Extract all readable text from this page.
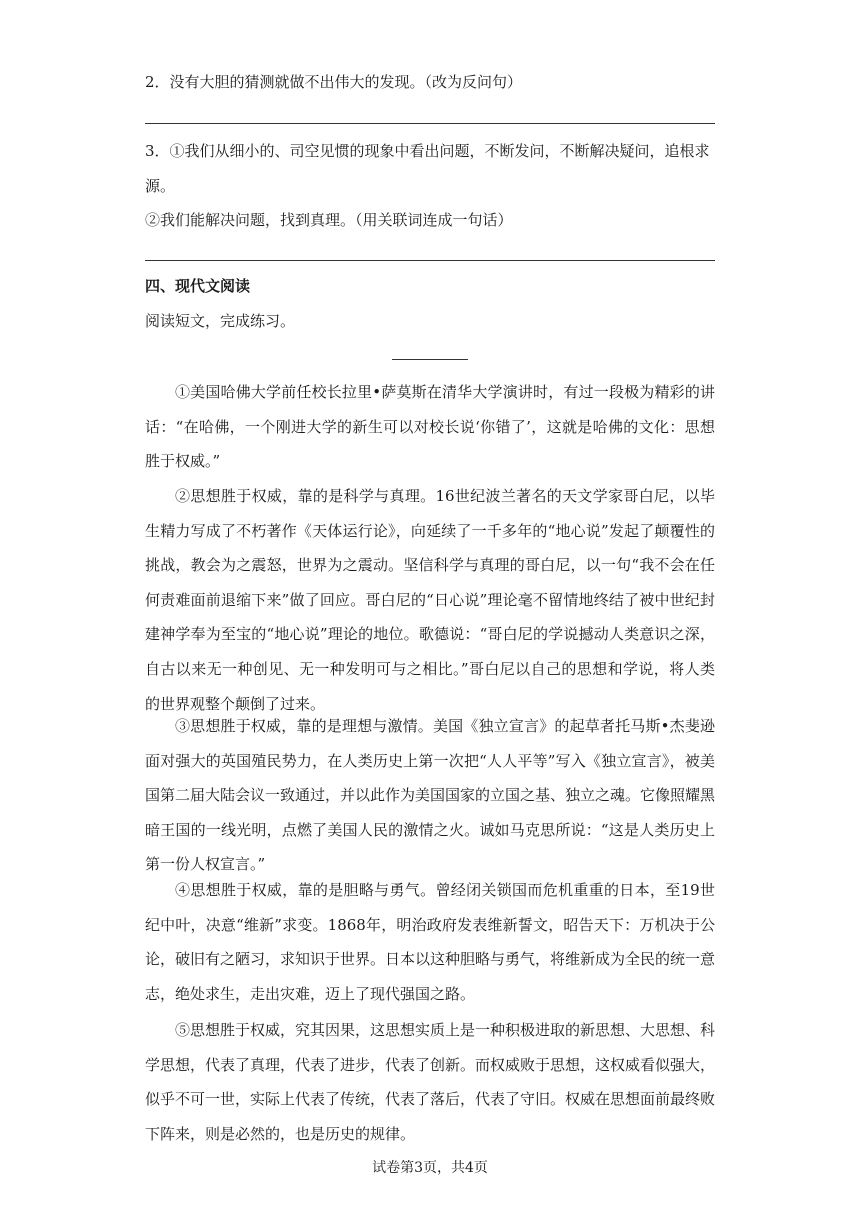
2．没有大胆的猜测就做不出伟大的发现。（改为反问句）
3．①我们从细小的、司空见惯的现象中看出问题，不断发问，不断解决疑问，追根求
源。
②我们能解决问题，找到真理。（用关联词连成一句话）
四、现代文阅读
阅读短文，完成练习。
①美国哈佛大学前任校长拉里•萨莫斯在清华大学演讲时，有过一段极为精彩的讲话：“在哈佛，一个刚进大学的新生可以对校长说‘你错了’，这就是哈佛的文化：思想胜于权威。”
②思想胜于权威，靠的是科学与真理。16世纪波兰著名的天文学家哥白尼，以毕生精力写成了不朽著作《天体运行论》，向延续了一千多年的“地心说”发起了颠覆性的挑战，教会为之震怒，世界为之震动。坚信科学与真理的哥白尼，以一句“我不会在任何责难面前退缩下来”做了回应。哥白尼的“日心说”理论毫不留情地终结了被中世纪封建神学奉为至宝的“地心说”理论的地位。歌德说：“哥白尼的学说撼动人类意识之深，自古以来无一种创见、无一种发明可与之相比。”哥白尼以自己的思想和学说，将人类的世界观整个颠倒了过来。
③思想胜于权威，靠的是理想与激情。美国《独立宣言》的起草者托马斯•杰斐逊面对强大的英国殖民势力，在人类历史上第一次把“人人平等”写入《独立宣言》，被美国第二届大陆会议一致通过，并以此作为美国国家的立国之基、独立之魂。它像照耀黑暗王国的一线光明，点燃了美国人民的激情之火。诚如马克思所说：“这是人类历史上第一份人权宣言。”
④思想胜于权威，靠的是胆略与勇气。曾经闭关锁国而危机重重的日本，至19世纪中叶，决意“维新”求变。1868年，明治政府发表维新誓文，昭告天下：万机决于公论，破旧有之陋习，求知识于世界。日本以这种胆略与勇气，将维新成为全民的统一意志，绝处求生，走出灾难，迈上了现代强国之路。
⑤思想胜于权威，究其因果，这思想实质上是一种积极进取的新思想、大思想、科学思想，代表了真理，代表了进步，代表了创新。而权威败于思想，这权威看似强大，似乎不可一世，实际上代表了传统，代表了落后，代表了守旧。权威在思想面前最终败下阵来，则是必然的，也是历史的规律。
试卷第3页，共4页
